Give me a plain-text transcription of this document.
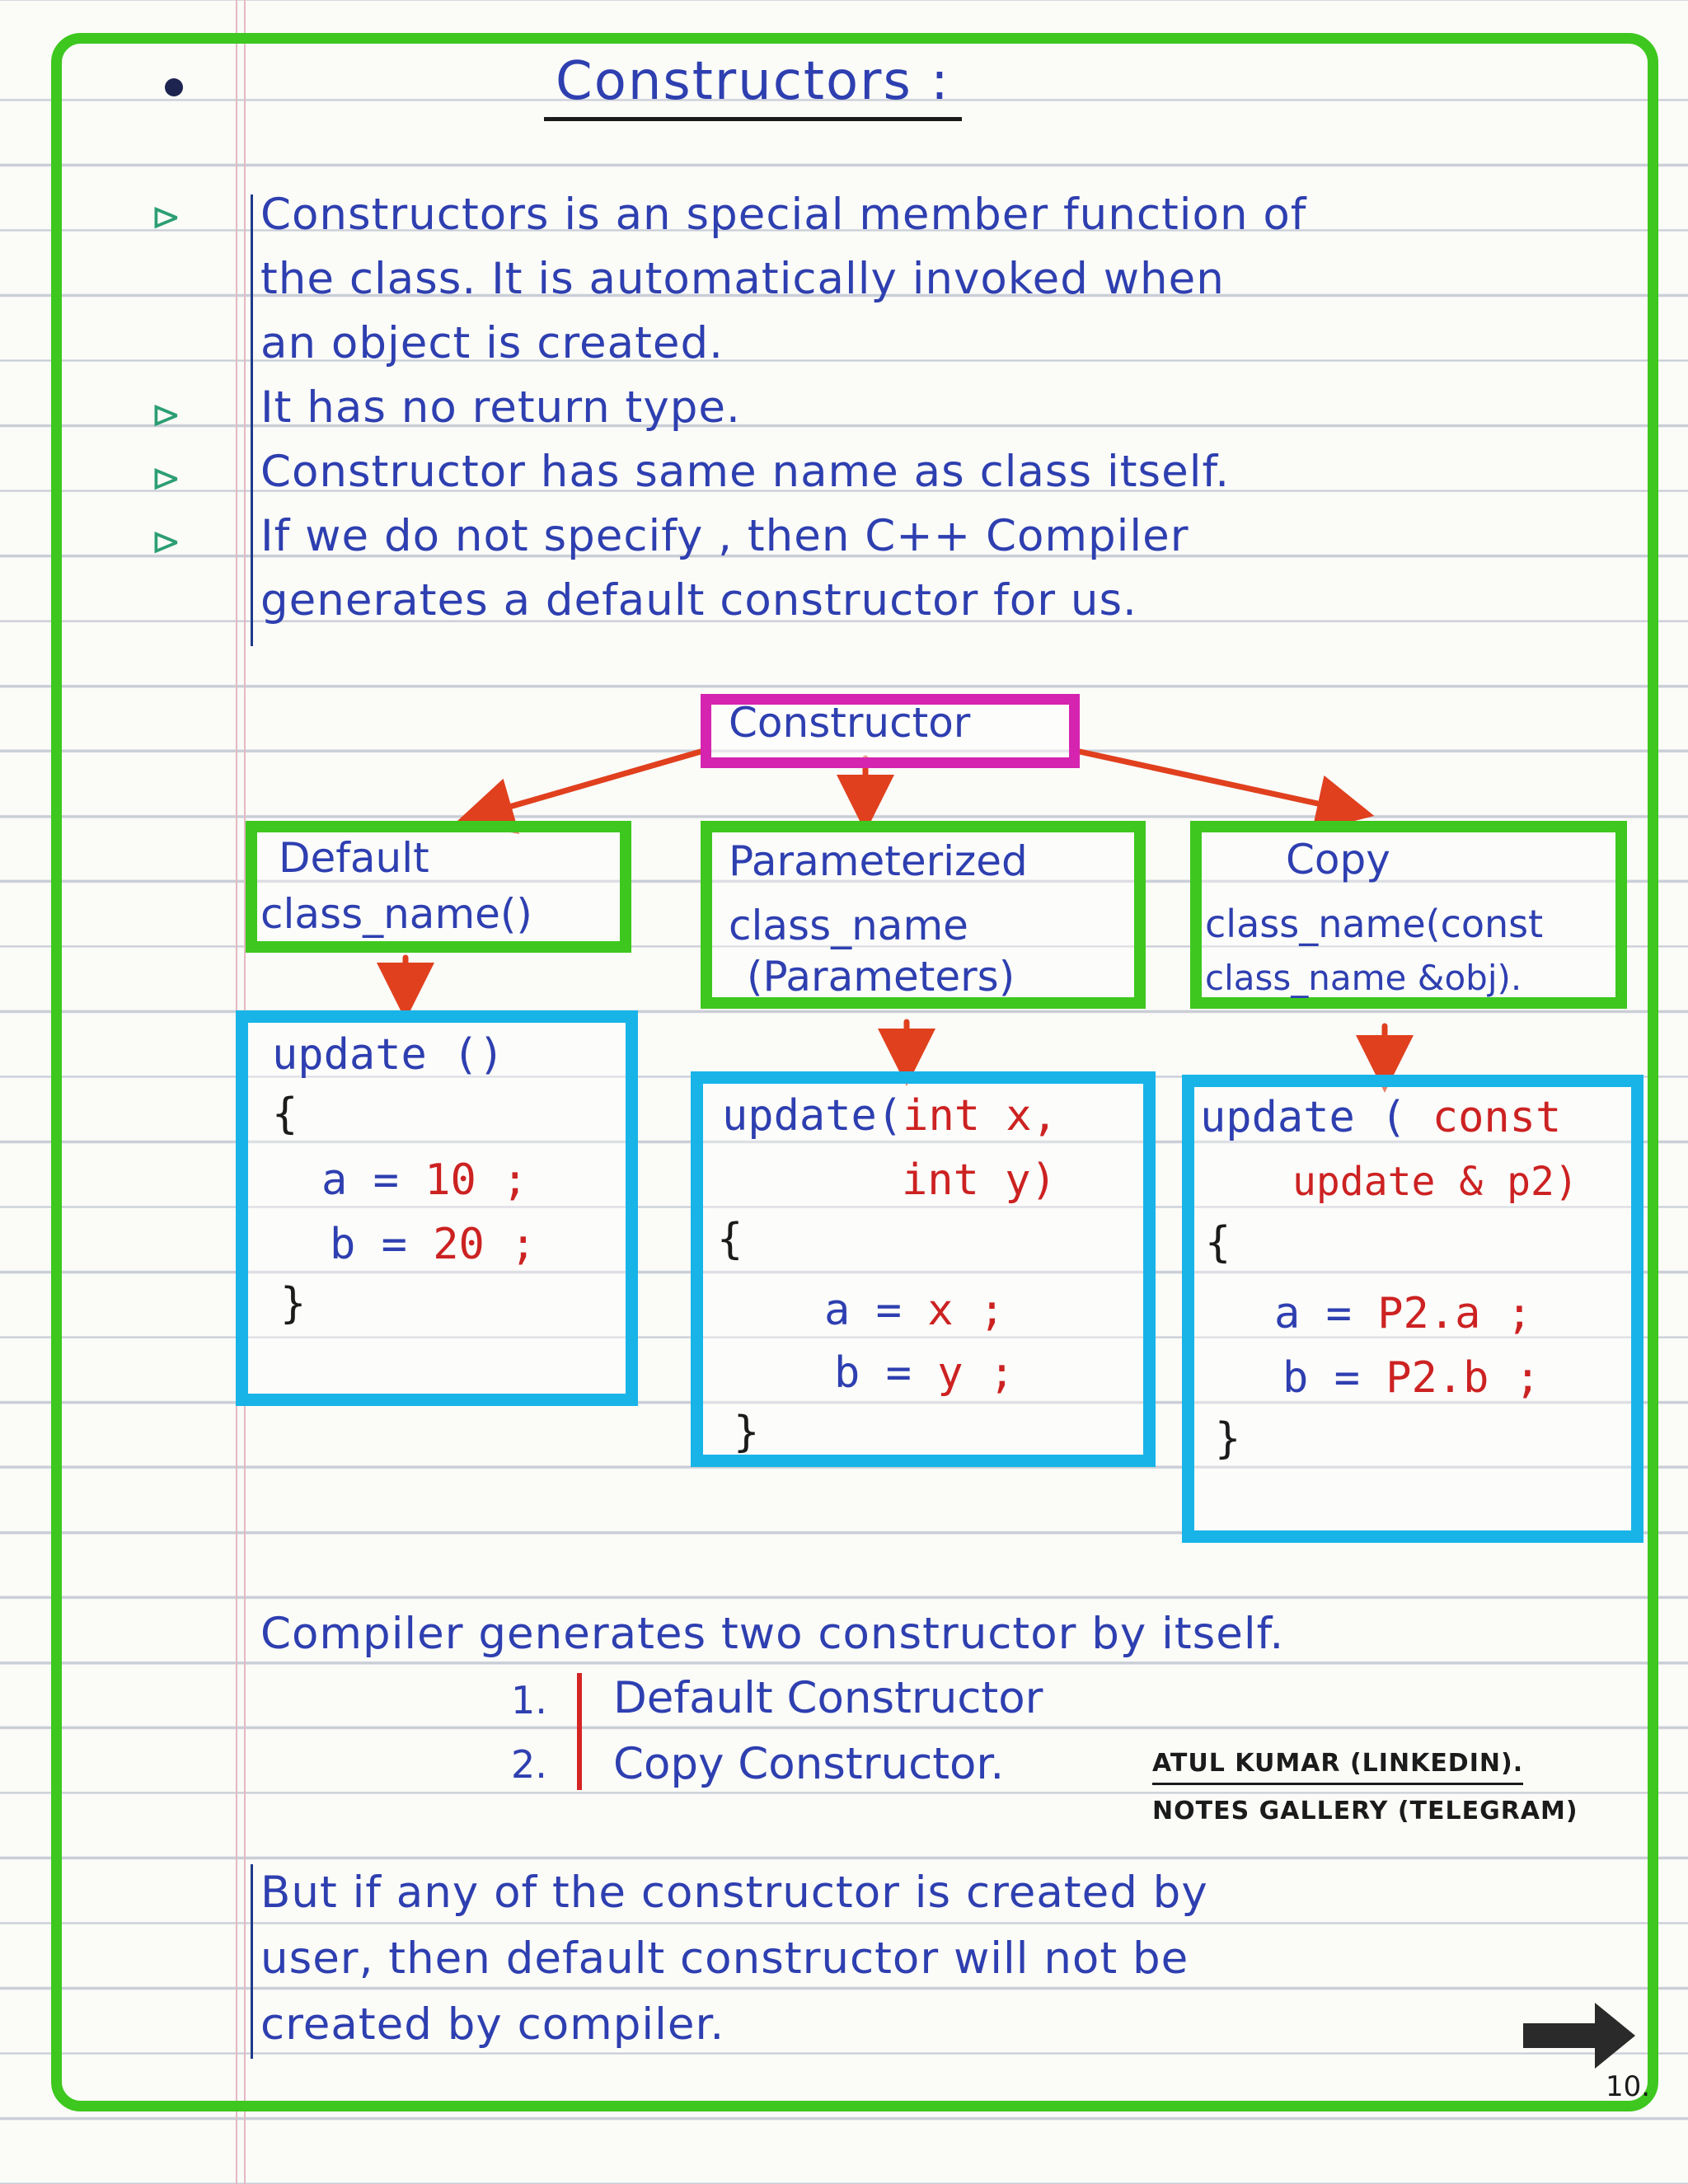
Constructors :
⊳
⊳
⊳
⊳
Constructors is an special member function of
the class. It is automatically invoked when
an object is created.
It has no return type.
Constructor has same name as class itself.
If we do not specify , then C++ Compiler
generates a default constructor for us.
Constructor
Default
class_name()
Parameterized
class_name
(Parameters)
Copy
class_name(const
class_name &obj).
update ()
{
a = 10 ;
b = 20 ;
}
update(int x,
int y)
{
a = x ;
b = y ;
}
update ( const
update & p2)
{
a = P2.a ;
b = P2.b ;
}
Compiler generates two constructor by itself.
1. Default Constructor
2. Copy Constructor.	ATUL KUMAR (LINKEDIN).
NOTES GALLERY (TELEGRAM)
But if any of the constructor is created by
user, then default constructor will not be
created by compiler.
10.
